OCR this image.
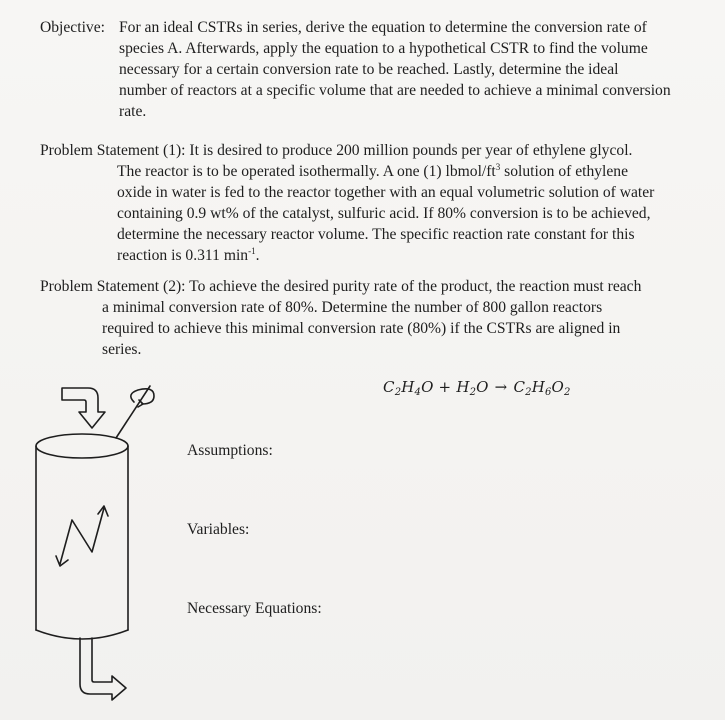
Objective: For an ideal CSTRs in series, derive the equation to determine the conversion rate of
species A. Afterwards, apply the equation to a hypothetical CSTR to find the volume
necessary for a certain conversion rate to be reached. Lastly, determine the ideal
number of reactors at a specific volume that are needed to achieve a minimal conversion
rate.
Problem Statement (1): It is desired to produce 200 million pounds per year of ethylene glycol.
The reactor is to be operated isothermally. A one (1) lbmol/$ft^3$ solution of ethylene
oxide in water is fed to the reactor together with an equal volumetric solution of water
containing 0.9 wt% of the catalyst, sulfuric acid. If 80% conversion is to be achieved,
determine the necessary reactor volume. The specific reaction rate constant for this
reaction is 0.311 $\min^{-1}$.
Problem Statement (2): To achieve the desired purity rate of the product, the reaction must reach
a minimal conversion rate of 80%. Determine the number of 800 gallon reactors
required to achieve this minimal conversion rate (80%) if the CSTRs are aligned in
series.
$C_2H_4O + H_2O \to C_2H_6O_2$
Assumptions:
Variables:
Necessary Equations:
